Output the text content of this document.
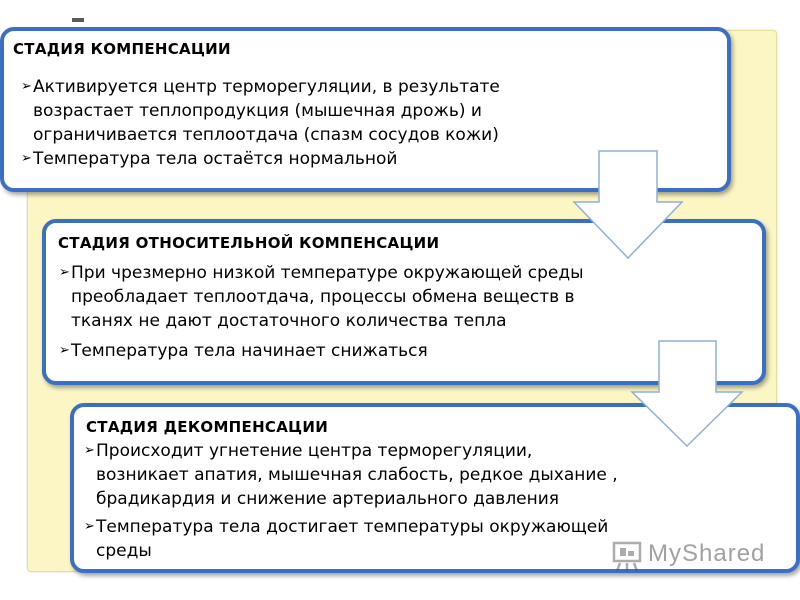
СТАДИЯ КОМПЕНСАЦИИ
➢ Активируется центр терморегуляции, в результате
возрастает теплопродукция (мышечная дрожь) и
ограничивается теплоотдача (спазм сосудов кожи)
➢ Температура тела остаётся нормальной
СТАДИЯ ОТНОСИТЕЛЬНОЙ КОМПЕНСАЦИИ
➢ При чрезмерно низкой температуре окружающей среды
преобладает теплоотдача, процессы обмена веществ в
тканях не дают достаточного количества тепла
➢ Температура тела начинает снижаться
СТАДИЯ ДЕКОМПЕНСАЦИИ
➢ Происходит угнетение центра терморегуляции,
возникает апатия, мышечная слабость, редкое дыхание ,
брадикардия и снижение артериального давления
➢ Температура тела достигает температуры окружающей
среды	MyShared
